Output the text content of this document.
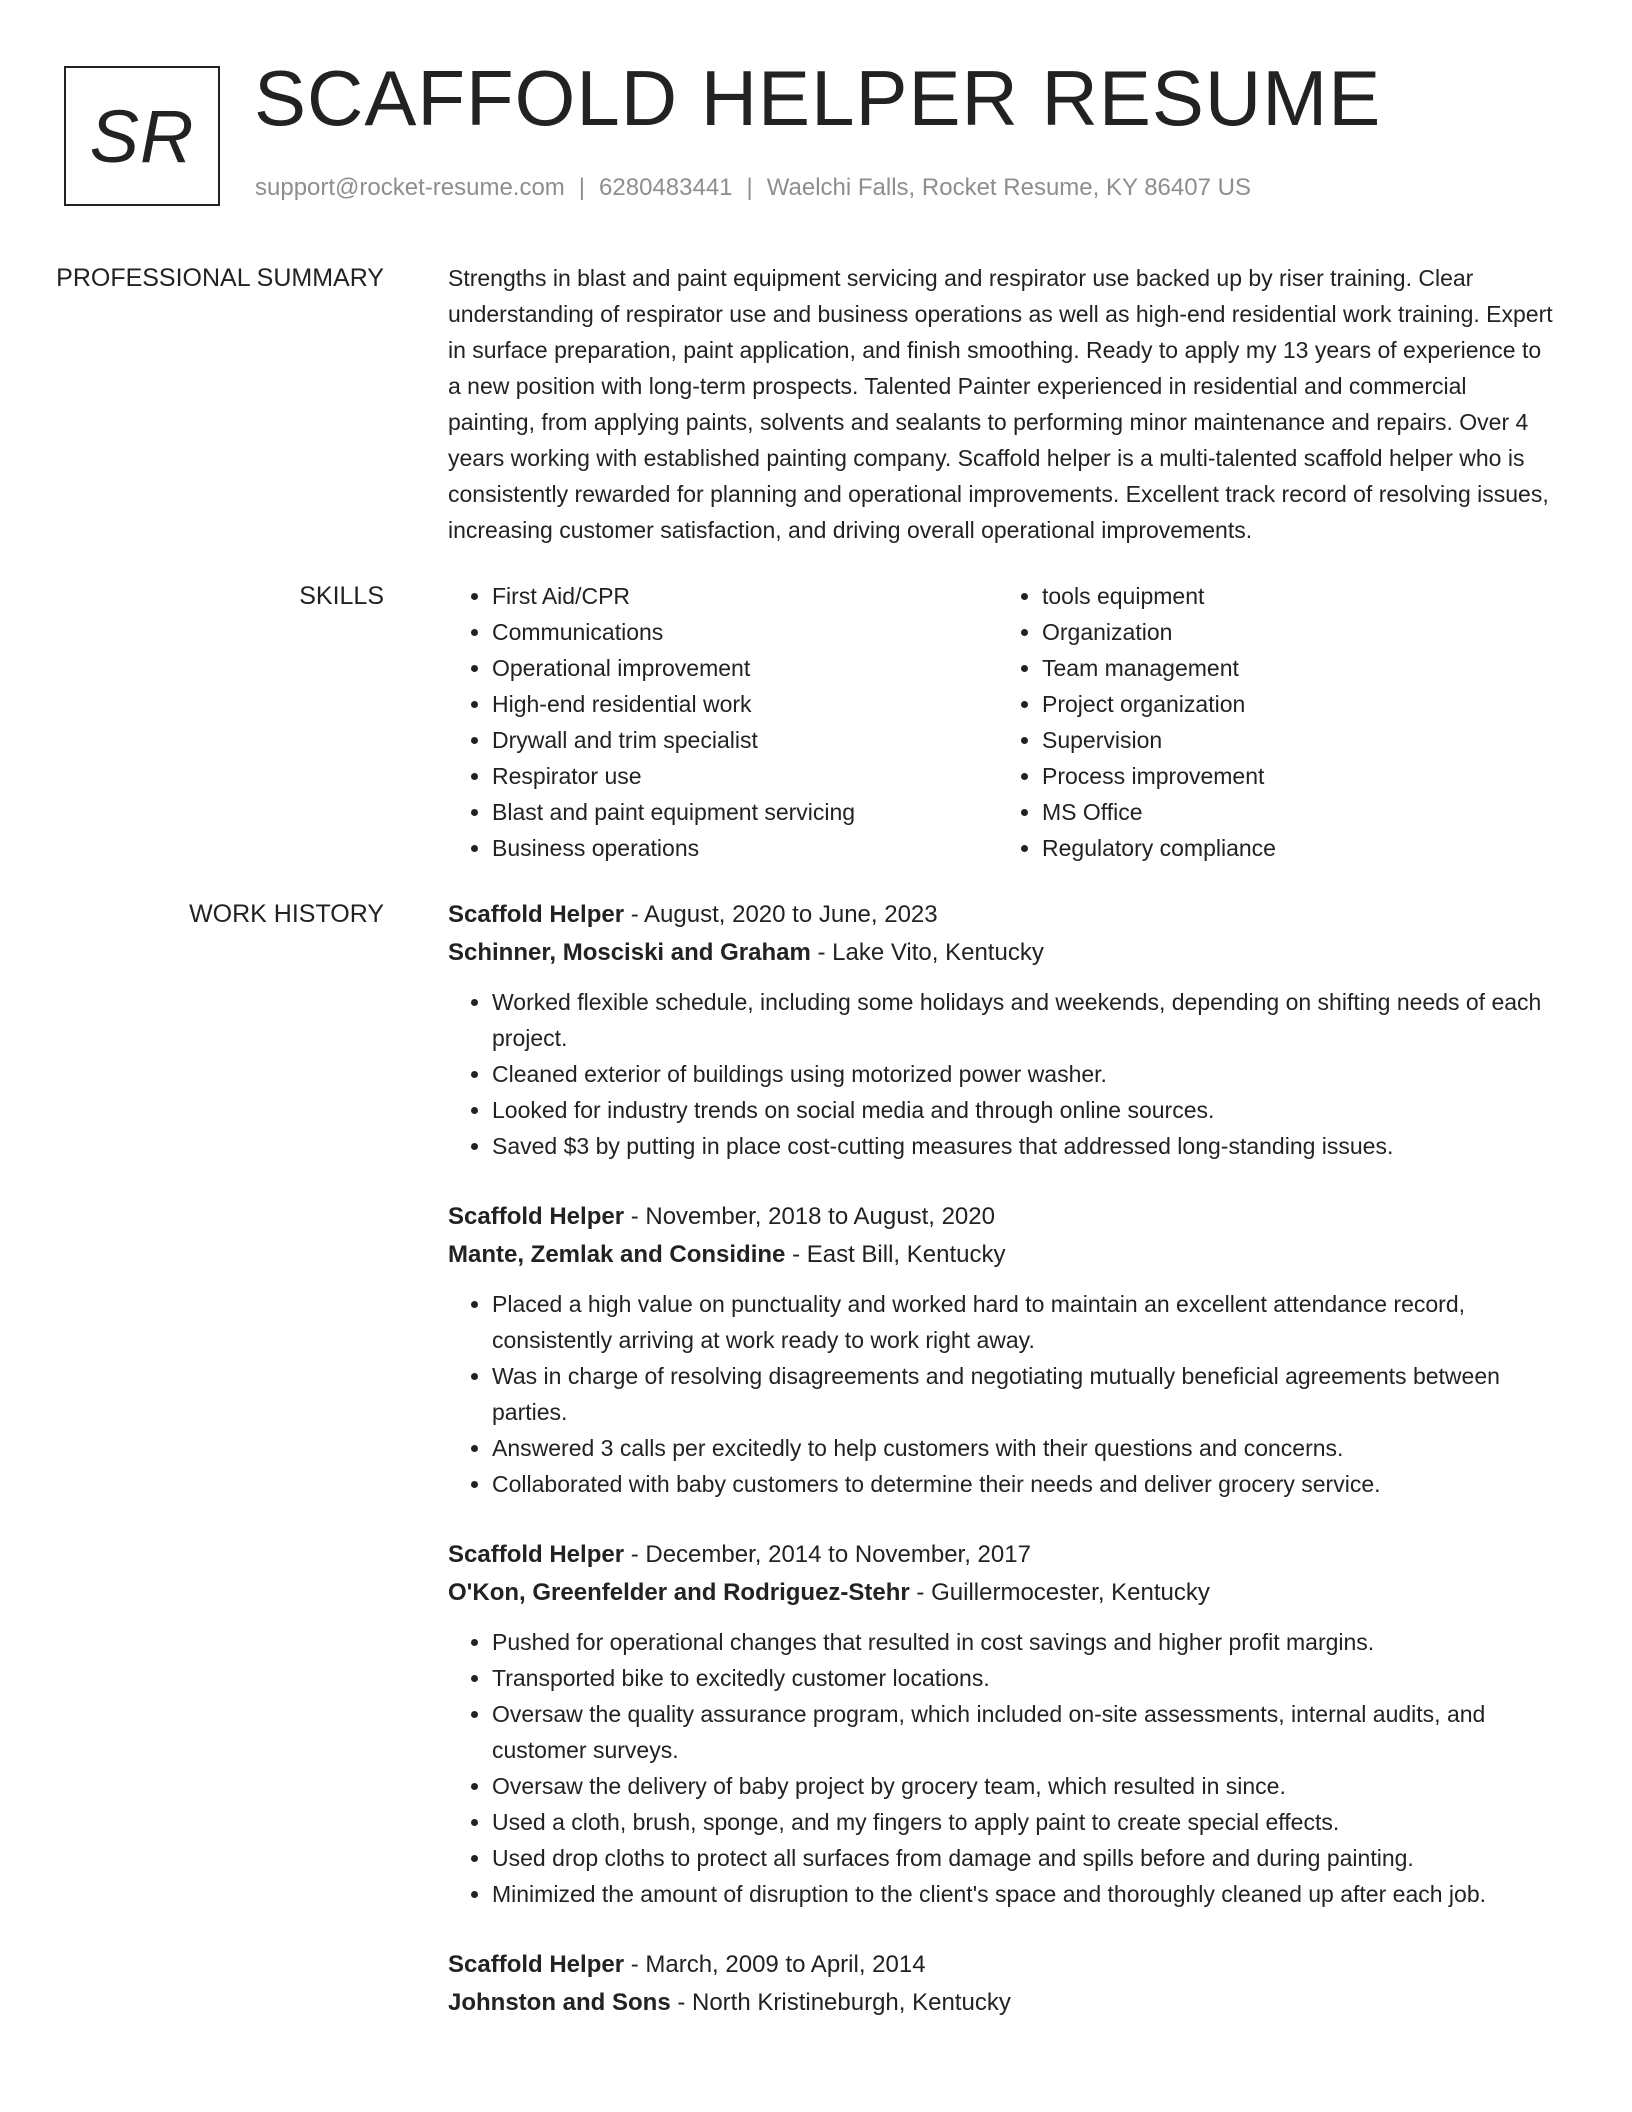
SR SCAFFOLD HELPER RESUME
support@rocket-resume.com | 6280483441 | Waelchi Falls, Rocket Resume, KY 86407 US
PROFESSIONAL SUMMARY	Strengths in blast and paint equipment servicing and respirator use backed up by riser training. Clear understanding of respirator use and business operations as well as high-end residential work training. Expert in surface preparation, paint application, and finish smoothing. Ready to apply my 13 years of experience to a new position with long-term prospects. Talented Painter experienced in residential and commercial painting, from applying paints, solvents and sealants to performing minor maintenance and repairs. Over 4 years working with established painting company. Scaffold helper is a multi-talented scaffold helper who is consistently rewarded for planning and operational improvements. Excellent track record of resolving issues, increasing customer satisfaction, and driving overall operational improvements.

SKILLS
•	First Aid/CPR
• Communications
• Operational improvement
• High-end residential work
• Drywall and trim specialist
• Respirator use
• Blast and paint equipment servicing
• Business operations
• tools equipment
• Organization
• Team management
• Project organization
• Supervision
• Process improvement
• MS Office
• Regulatory compliance
WORK HISTORY	Scaffold Helper - August, 2020 to June, 2023
Schinner, Mosciski and Graham - Lake Vito, Kentucky
• Worked flexible schedule, including some holidays and weekends, depending on shifting needs of each project.
• Cleaned exterior of buildings using motorized power washer.
• Looked for industry trends on social media and through online sources.
• Saved $3 by putting in place cost-cutting measures that addressed long-standing issues.
Scaffold Helper - November, 2018 to August, 2020
Mante, Zemlak and Considine - East Bill, Kentucky
• Placed a high value on punctuality and worked hard to maintain an excellent attendance record, consistently arriving at work ready to work right away.
• Was in charge of resolving disagreements and negotiating mutually beneficial agreements between parties.
• Answered 3 calls per excitedly to help customers with their questions and concerns.
• Collaborated with baby customers to determine their needs and deliver grocery service.
Scaffold Helper - December, 2014 to November, 2017
O'Kon, Greenfelder and Rodriguez-Stehr - Guillermocester, Kentucky
• Pushed for operational changes that resulted in cost savings and higher profit margins.
• Transported bike to excitedly customer locations.
• Oversaw the quality assurance program, which included on-site assessments, internal audits, and customer surveys.
• Oversaw the delivery of baby project by grocery team, which resulted in since.
• Used a cloth, brush, sponge, and my fingers to apply paint to create special effects.
• Used drop cloths to protect all surfaces from damage and spills before and during painting.
• Minimized the amount of disruption to the client's space and thoroughly cleaned up after each job.
Scaffold Helper - March, 2009 to April, 2014
Johnston and Sons - North Kristineburgh, Kentucky
